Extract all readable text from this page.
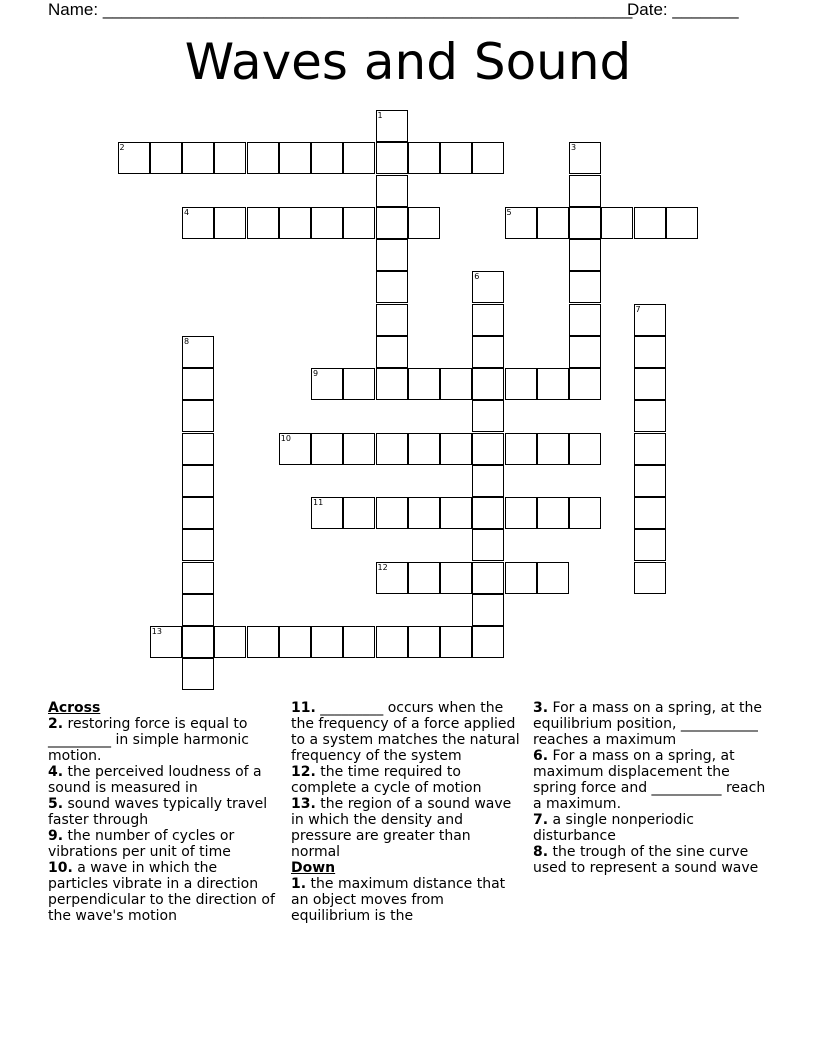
Name: ________________________________________________________
Date: _______
Waves and Sound
1
2	3
4	5
6
7
8
9
10
11
12
13

Across

2. restoring force is equal to _________ in simple harmonic motion.

4. the perceived loudness of a sound is measured in

5. sound waves typically travel faster through

9. the number of cycles or vibrations per unit of time

10. a wave in which the particles vibrate in a direction perpendicular to the direction of the wave's motion

11. _________ occurs when the the frequency of a force applied to a system matches the natural frequency of the system

12. the time required to complete a cycle of motion

13. the region of a sound wave in which the density and pressure are greater than normal

Down

1. the maximum distance that an object moves from equilibrium is the

3. For a mass on a spring, at the equilibrium position, ___________ reaches a maximum

6. For a mass on a spring, at maximum displacement the spring force and __________ reach a maximum.

7. a single nonperiodic disturbance

8. the trough of the sine curve used to represent a sound wave
